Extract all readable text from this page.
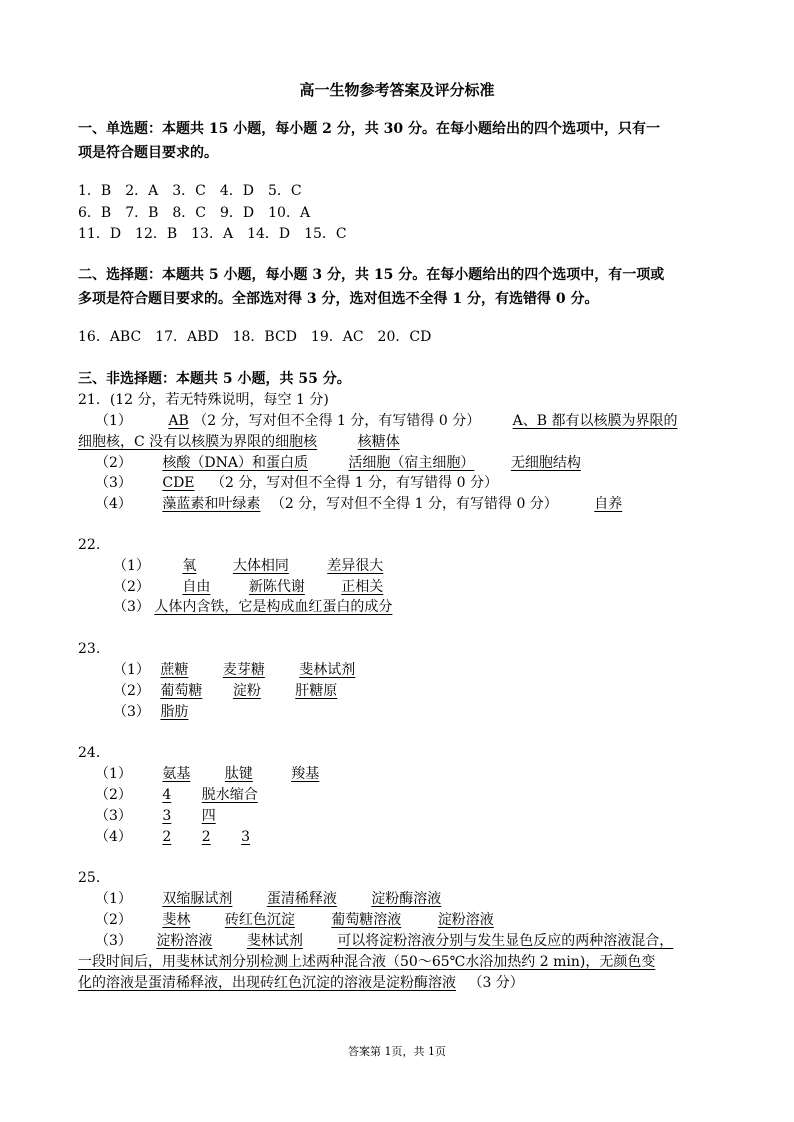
高一生物参考答案及评分标准
一、单选题：本题共 15 小题，每小题 2 分，共 30 分。在每小题给出的四个选项中，只有一
项是符合题目要求的。
1．B　2．A　3．C　4．D　5．C
6．B　7．B　8．C　9．D　10．A
11．D　12．B　13．A　14．D　15．C
二、选择题：本题共 5 小题，每小题 3 分，共 15 分。在每小题给出的四个选项中，有一项或
多项是符合题目要求的。全部选对得 3 分，选对但选不全得 1 分，有选错得 0 分。
16．ABC　17．ABD　18．BCD　19．AC　20．CD
三、非选择题：本题共 5 小题，共 55 分。
21．(12 分，若无特殊说明，每空 1 分)
（1）	AB （2 分，写对但不全得 1 分，有写错得 0 分） A、B 都有以核膜为界限的
细胞核，C 没有以核膜为界限的细胞核	核糖体
（2） 核酸（DNA）和蛋白质	活细胞（宿主细胞）	无细胞结构
（3） CDE （2 分，写对但不全得 1 分，有写错得 0 分）
（4） 藻蓝素和叶绿素 （2 分，写对但不全得 1 分，有写错得 0 分）	自养
22.
（1） 氧	大体相同	差异很大
（2） 自由	新陈代谢	正相关
（3） 人体内含铁，它是构成血红蛋白的成分
23.
（1） 蔗糖 麦芽糖 斐林试剂
（2） 葡萄糖 淀粉 肝糖原
（3） 脂肪
24．
（1） 氨基 肽键	羧基
（2） 4 脱水缩合
（3） 3 四
（4） 2 2 3
25．
（1） 双缩脲试剂 蛋清稀释液 淀粉酶溶液
（2） 斐林 砖红色沉淀	葡萄糖溶液	淀粉溶液
（3） 淀粉溶液 斐林试剂 可以将淀粉溶液分别与发生显色反应的两种溶液混合，
一段时间后，用斐林试剂分别检测上述两种混合液（50～65℃水浴加热约 2 min)，无颜色变
化的溶液是蛋清稀释液，出现砖红色沉淀的溶液是淀粉酶溶液 （3 分）
答案第 1页，共 1页
